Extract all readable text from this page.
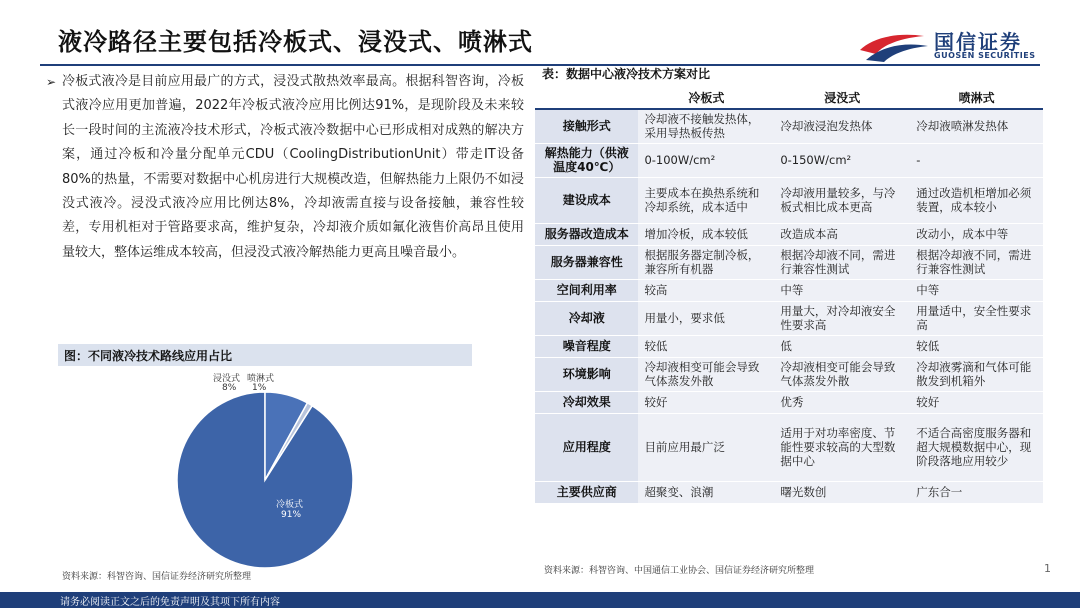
液冷路径主要包括冷板式、浸没式、喷淋式	国信证券
GUOSEN SECURITIES
➢ 冷板式液冷是目前应用最广的方式，浸没式散热效率最高。根据科智咨询，冷板式液冷应用更加普遍，2022年冷板式液冷应用比例达91%，是现阶段及未来较长一段时间的主流液冷技术形式，冷板式液冷数据中心已形成相对成熟的解决方案，通过冷板和冷量分配单元CDU（CoolingDistributionUnit）带走IT设备80%的热量，不需要对数据中心机房进行大规模改造，但解热能力上限仍不如浸没式液冷。浸没式液冷应用比例达8%，冷却液需直接与设备接触，兼容性较差，专用机柜对于管路要求高，维护复杂，冷却液介质如氟化液售价高昂且使用量较大，整体运维成本较高，但浸没式液冷解热能力更高且噪音最小。
图：不同液冷技术路线应用占比
浸没式 喷淋式
8% 1%
冷板式
91%
资料来源：科智咨询、国信证券经济研究所整理
表：数据中心液冷技术方案对比
	冷板式	浸没式	喷淋式
接触形式	冷却液不接触发热体，采用导热板传热	冷却液浸泡发热体	冷却液喷淋发热体
解热能力（供液温度40℃）	0-100W/cm²	0-150W/cm²	-
建设成本	主要成本在换热系统和冷却系统，成本适中	冷却液用量较多，与冷板式相比成本更高	通过改造机柜增加必须装置，成本较小
服务器改造成本	增加冷板，成本较低	改造成本高	改动小，成本中等
服务器兼容性	根据服务器定制冷板，兼容所有机器	根据冷却液不同，需进行兼容性测试	根据冷却液不同，需进行兼容性测试
空间利用率	较高	中等	中等
冷却液	用量小，要求低	用量大，对冷却液安全性要求高	用量适中，安全性要求高
噪音程度	较低	低	较低
环境影响	冷却液相变可能会导致气体蒸发外散	冷却液相变可能会导致气体蒸发外散	冷却液雾滴和气体可能散发到机箱外
冷却效果	较好	优秀	较好
应用程度	目前应用最广泛	适用于对功率密度、节能性要求较高的大型数据中心	不适合高密度服务器和超大规模数据中心，现阶段落地应用较少
主要供应商	超聚变、浪潮	曙光数创	广东合一
资料来源：科智咨询、中国通信工业协会、国信证券经济研究所整理	1
请务必阅读正文之后的免责声明及其项下所有内容
